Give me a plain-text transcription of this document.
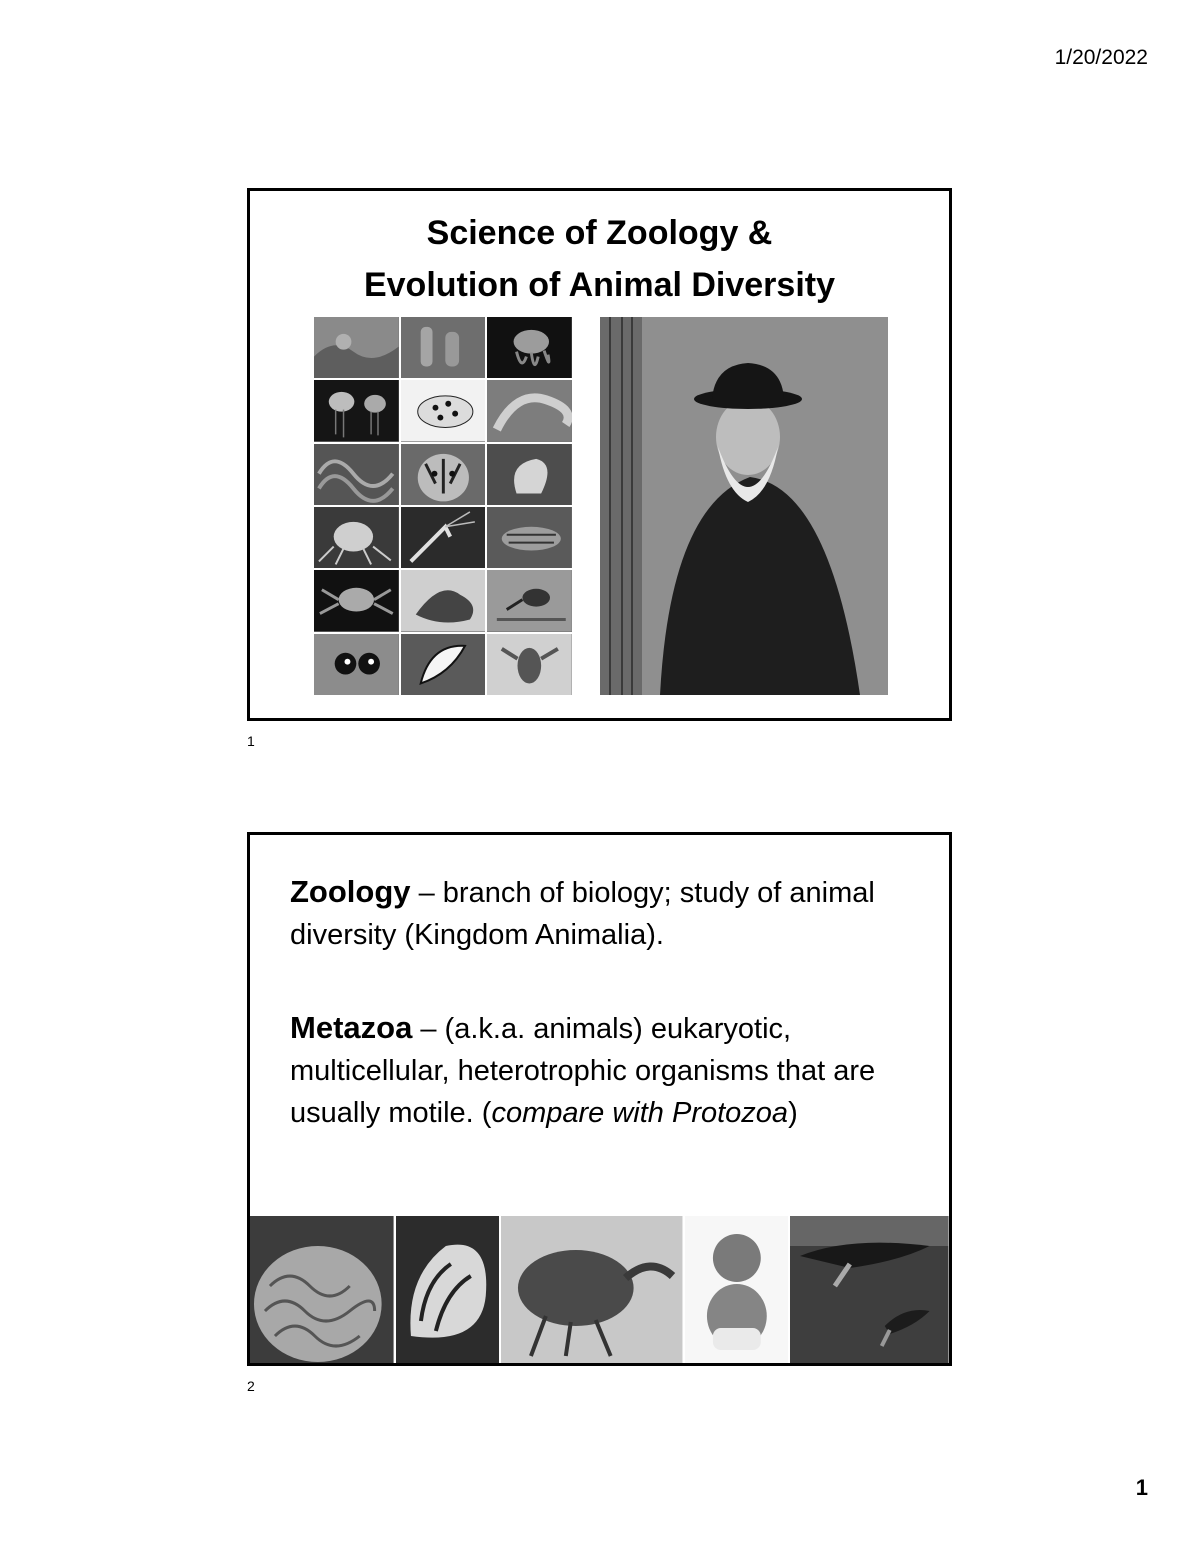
1/20/2022
Science of Zoology &
Evolution of Animal Diversity
1
Zoology – branch of biology; study of animal diversity (Kingdom Animalia).
Metazoa – (a.k.a. animals) eukaryotic, multicellular, heterotrophic organisms that are usually motile. (compare with Protozoa)
2
1
